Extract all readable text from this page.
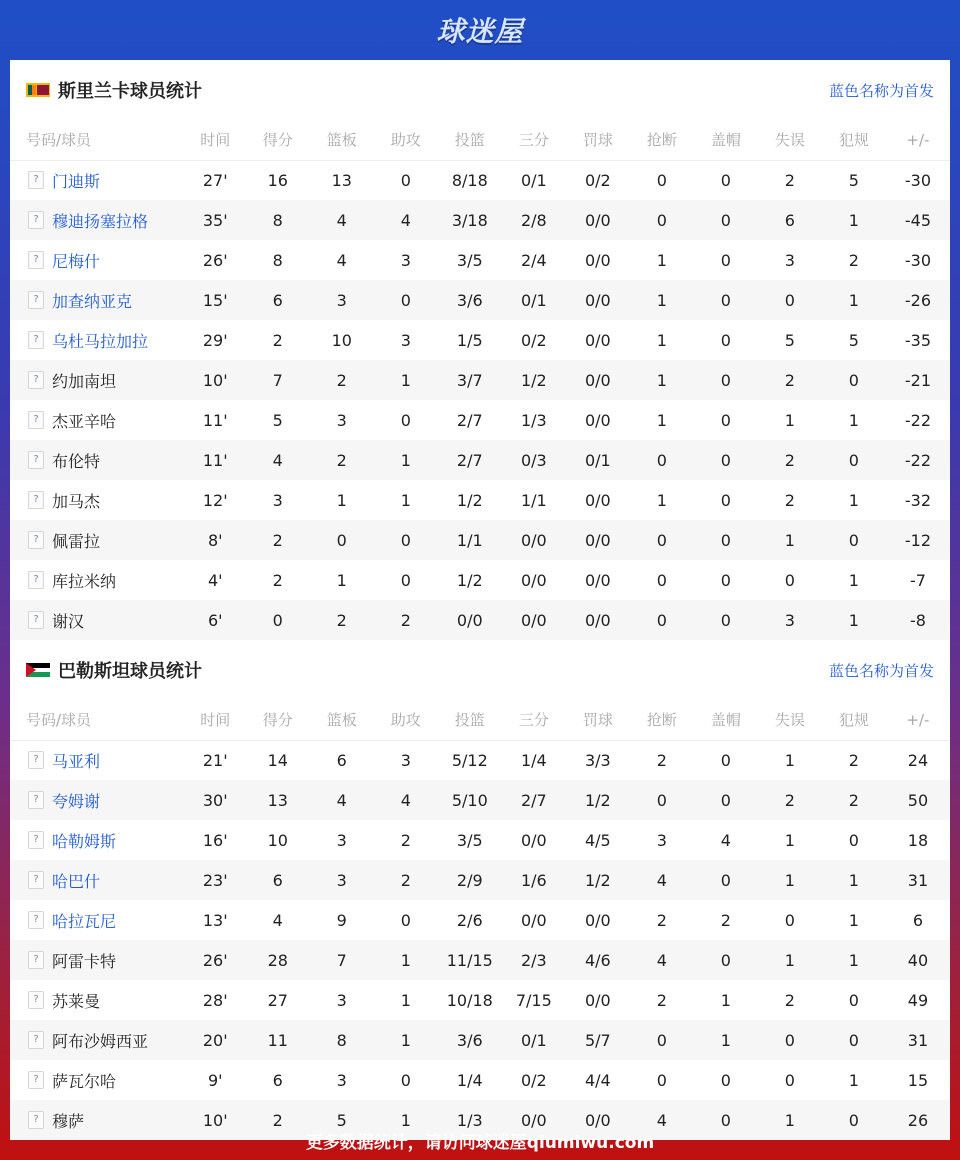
球迷屋
斯里兰卡球员统计	蓝色名称为首发
号码/球员	时间	得分	篮板	助攻	投篮	三分	罚球	抢断	盖帽	失误	犯规	+/-
? 门迪斯	27'	16	13	0	8/18	0/1	0/2	0	0	2	5	-30
? 穆迪扬塞拉格	35'	8	4	4	3/18	2/8	0/0	0	0	6	1	-45
? 尼梅什	26'	8	4	3	3/5	2/4	0/0	1	0	3	2	-30
? 加查纳亚克	15'	6	3	0	3/6	0/1	0/0	1	0	0	1	-26
? 乌杜马拉加拉	29'	2	10	3	1/5	0/2	0/0	1	0	5	5	-35
? 约加南坦	10'	7	2	1	3/7	1/2	0/0	1	0	2	0	-21
? 杰亚辛哈	11'	5	3	0	2/7	1/3	0/0	1	0	1	1	-22
? 布伦特	11'	4	2	1	2/7	0/3	0/1	0	0	2	0	-22
? 加马杰	12'	3	1	1	1/2	1/1	0/0	1	0	2	1	-32
? 佩雷拉	8'	2	0	0	1/1	0/0	0/0	0	0	1	0	-12
? 库拉米纳	4'	2	1	0	1/2	0/0	0/0	0	0	0	1	-7
? 谢汉	6'	0	2	2	0/0	0/0	0/0	0	0	3	1	-8
巴勒斯坦球员统计	蓝色名称为首发
号码/球员	时间	得分	篮板	助攻	投篮	三分	罚球	抢断	盖帽	失误	犯规	+/-
? 马亚利	21'	14	6	3	5/12	1/4	3/3	2	0	1	2	24
? 夸姆谢	30'	13	4	4	5/10	2/7	1/2	0	0	2	2	50
? 哈勒姆斯	16'	10	3	2	3/5	0/0	4/5	3	4	1	0	18
? 哈巴什	23'	6	3	2	2/9	1/6	1/2	4	0	1	1	31
? 哈拉瓦尼	13'	4	9	0	2/6	0/0	0/0	2	2	0	1	6
? 阿雷卡特	26'	28	7	1	11/15	2/3	4/6	4	0	1	1	40
? 苏莱曼	28'	27	3	1	10/18	7/15	0/0	2	1	2	0	49
? 阿布沙姆西亚	20'	11	8	1	3/6	0/1	5/7	0	1	0	0	31
? 萨瓦尔哈	9'	6	3	0	1/4	0/2	4/4	0	0	0	1	15
? 穆萨	10'	2	5	1	1/3	0/0	0/0	4	0	1	0	26
更多数据统计，请访问球迷屋qiumiwu.com
